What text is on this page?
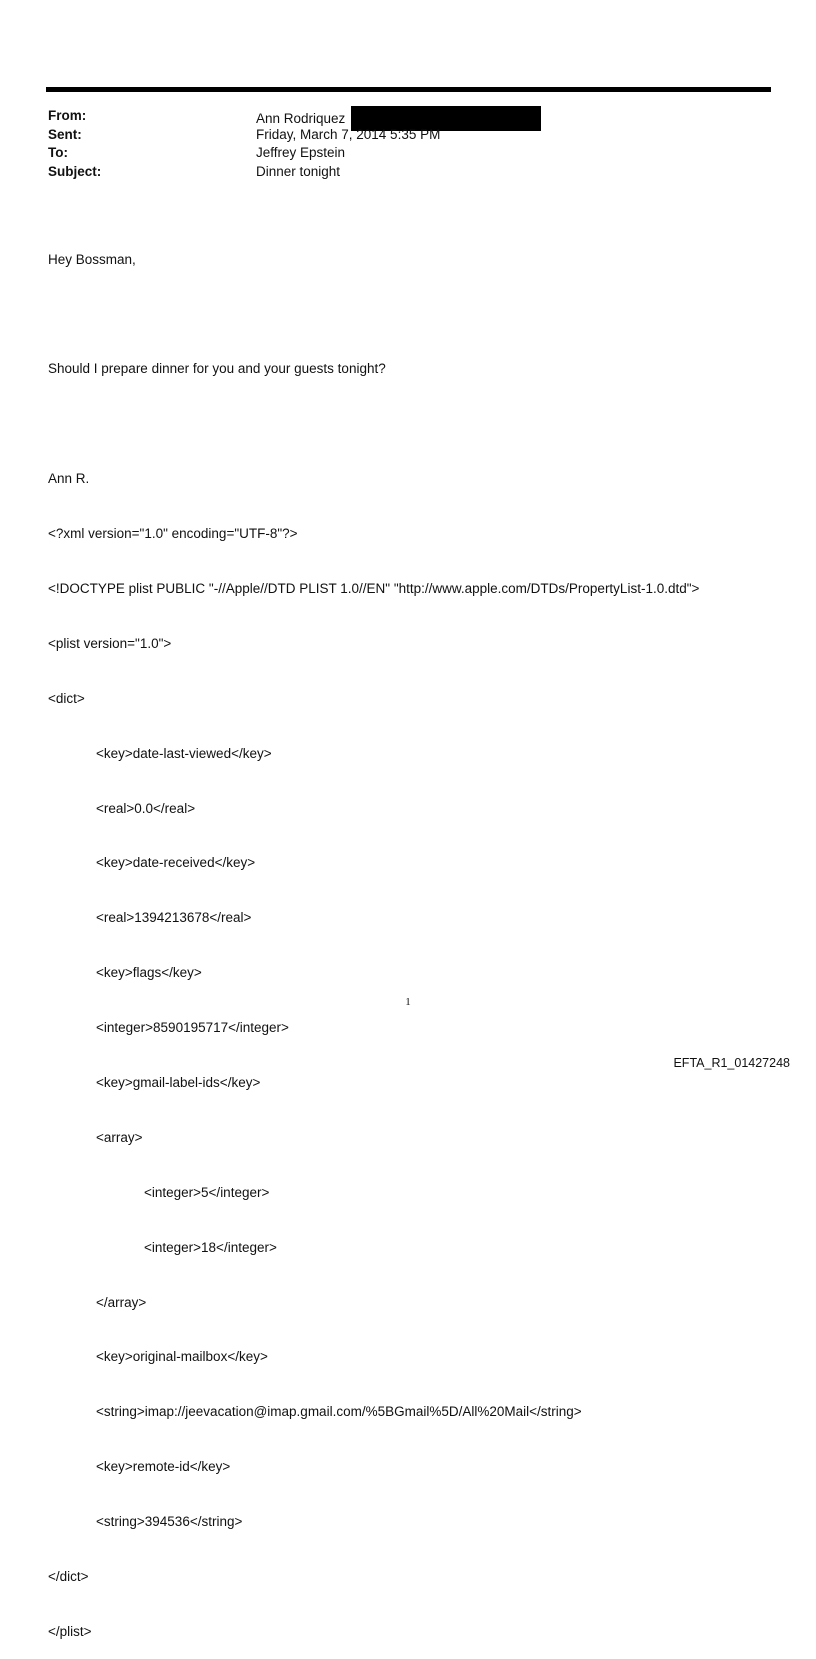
From:	Ann Rodriquez
Sent:	Friday, March 7, 2014 5:35 PM
To:	Jeffrey Epstein
Subject:	Dinner tonight

Hey Bossman,

Should I prepare dinner for you and your guests tonight?

Ann R.

<?xml version="1.0" encoding="UTF-8"?>

<!DOCTYPE plist PUBLIC "-//Apple//DTD PLIST 1.0//EN" "http://www.apple.com/DTDs/PropertyList-1.0.dtd">

<plist version="1.0">

<dict>

<key>date-last-viewed</key>

<real>0.0</real>

<key>date-received</key>

<real>1394213678</real>

<key>flags</key>

<integer>8590195717</integer>

<key>gmail-label-ids</key>

<array>

<integer>5</integer>

<integer>18</integer>

</array>

<key>original-mailbox</key>

<string>imap://jeevacation@imap.gmail.com/%5BGmail%5D/All%20Mail</string>

<key>remote-id</key>

<string>394536</string>

</dict>

</plist>

1
EFTA_R1_01427248
